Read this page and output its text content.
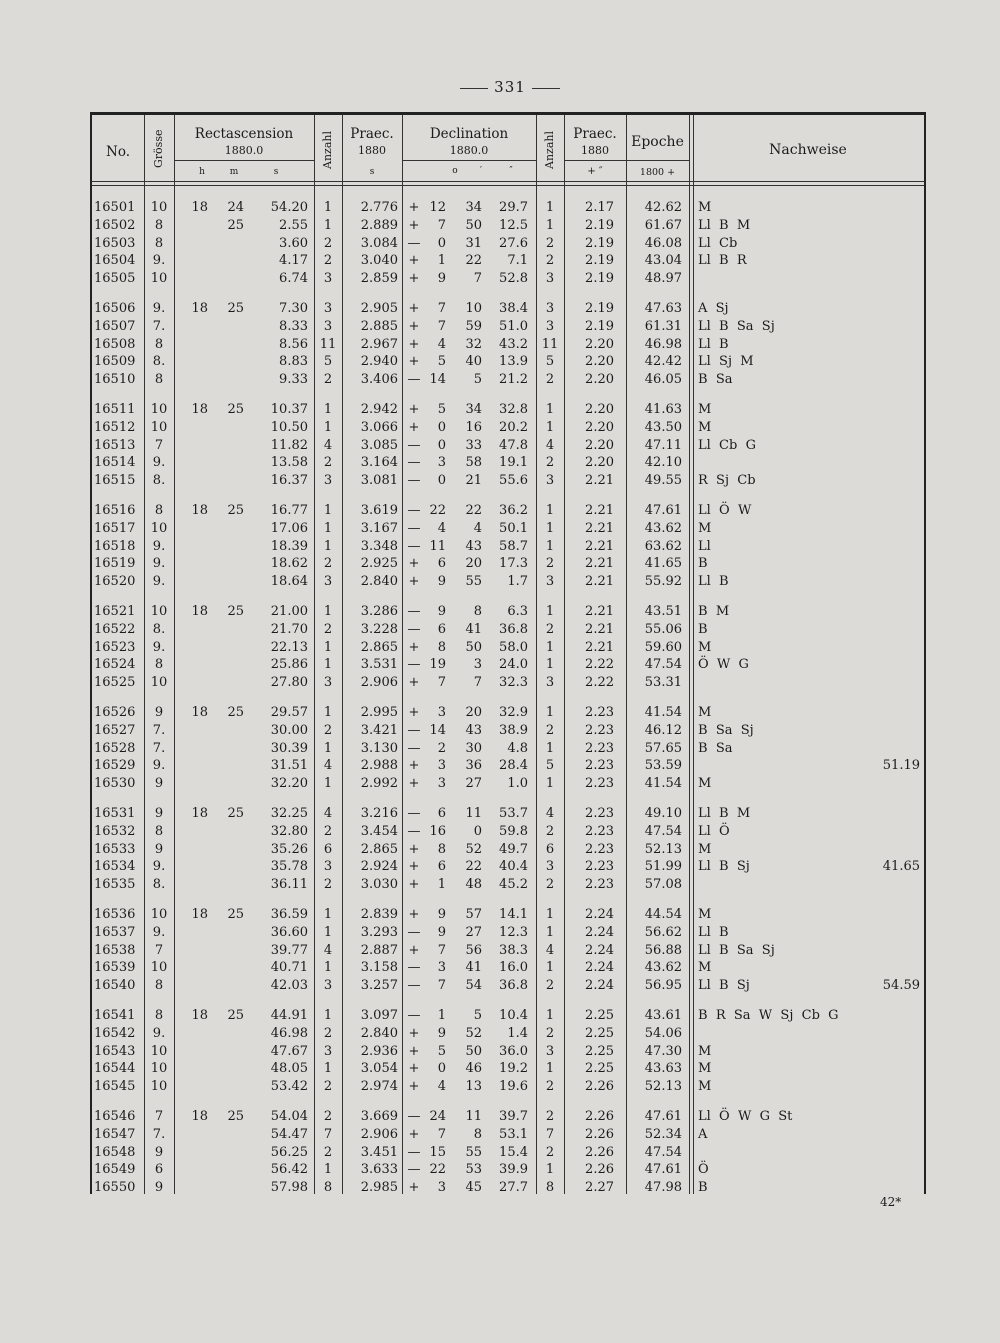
331
No.	Grösse	Rectascension
1880.0
h	m	s
Anzahl	Praec.
1880
s
Declination
1880.0
o	′	″
Anzahl	Praec.
1880
+ ″
Epoche
1800 +
Nachweise
16501	10	18	24	54.20	1	2.776 + 12	34	29.7	1	2.17	42.62 M
16502	8	25	2.55	1	2.889 +	7	50	12.5	1	2.19	61.67 Ll  B  M
16503	8	3.60	2	3.084 —	0	31	27.6	2	2.19	46.08 Ll  Cb
16504	9.	4.17	2	3.040 +	1	22	7.1	2	2.19	43.04 Ll  B  R
16505	10	6.74	3	2.859 +	9	7	52.8	3	2.19	48.97
16506	9.	18	25	7.30	3	2.905 +	7	10	38.4	3	2.19	47.63 A  Sj
16507	7.	8.33	3	2.885 +	7	59	51.0	3	2.19	61.31 Ll  B  Sa  Sj
16508	8	8.56 11	2.967 +	4	32	43.2	11	2.20	46.98 Ll  B
16509	8.	8.83	5	2.940 +	5	40	13.9	5	2.20	42.42 Ll  Sj  M
16510	8	9.33	2	3.406 — 14	5	21.2	2	2.20	46.05 B  Sa
16511	10	18	25	10.37	1	2.942 +	5	34	32.8	1	2.20	41.63 M
16512	10	10.50	1	3.066 +	0	16	20.2	1	2.20	43.50 M
16513	7	11.82	4	3.085 —	0	33	47.8	4	2.20	47.11 Ll  Cb  G
16514	9.	13.58	2	3.164 —	3	58	19.1	2	2.20	42.10
16515	8.	16.37	3	3.081 —	0	21	55.6	3	2.21	49.55 R  Sj  Cb
16516	8	18	25	16.77	1	3.619 — 22	22	36.2	1	2.21	47.61 Ll  Ö  W
16517	10	17.06	1	3.167 —	4	4	50.1	1	2.21	43.62 M
16518	9.	18.39	1	3.348 — 11	43	58.7	1	2.21	63.62 Ll
16519	9.	18.62	2	2.925 +	6	20	17.3	2	2.21	41.65 B
16520	9.	18.64	3	2.840 +	9	55	1.7	3	2.21	55.92 Ll  B
16521	10	18	25	21.00	1	3.286 —	9	8	6.3	1	2.21	43.51 B  M
16522	8.	21.70	2	3.228 —	6	41	36.8	2	2.21	55.06 B
16523	9.	22.13	1	2.865 +	8	50	58.0	1	2.21	59.60 M
16524	8	25.86	1	3.531 — 19	3	24.0	1	2.22	47.54 Ö  W  G
16525	10	27.80	3	2.906 +	7	7	32.3	3	2.22	53.31
16526	9	18	25	29.57	1	2.995 +	3	20	32.9	1	2.23	41.54 M
16527	7.	30.00	2	3.421 — 14	43	38.9	2	2.23	46.12 B  Sa  Sj
16528	7.	30.39	1	3.130 —	2	30	4.8	1	2.23	57.65 B  Sa
16529	9.	31.51	4	2.988 +	3	36	28.4	5	2.23	53.59	51.19
16530	9	32.20	1	2.992 +	3	27	1.0	1	2.23	41.54 M
16531	9	18	25	32.25	4	3.216 —	6	11	53.7	4	2.23	49.10 Ll  B  M
16532	8	32.80	2	3.454 — 16	0	59.8	2	2.23	47.54 Ll  Ö
16533	9	35.26	6	2.865 +	8	52	49.7	6	2.23	52.13 M
16534	9.	35.78	3	2.924 +	6	22	40.4	3	2.23	51.99 Ll  B  Sj	41.65
16535	8.	36.11	2	3.030 +	1	48	45.2	2	2.23	57.08
16536	10	18	25	36.59	1	2.839 +	9	57	14.1	1	2.24	44.54 M
16537	9.	36.60	1	3.293 —	9	27	12.3	1	2.24	56.62 Ll  B
16538	7	39.77	4	2.887 +	7	56	38.3	4	2.24	56.88 Ll  B  Sa  Sj
16539	10	40.71	1	3.158 —	3	41	16.0	1	2.24	43.62 M
16540	8	42.03	3	3.257 —	7	54	36.8	2	2.24	56.95 Ll  B  Sj	54.59
16541	8	18	25	44.91	1	3.097 —	1	5	10.4	1	2.25	43.61 B  R  Sa  W  Sj  Cb  G
16542	9.	46.98	2	2.840 +	9	52	1.4	2	2.25	54.06
16543	10	47.67	3	2.936 +	5	50	36.0	3	2.25	47.30 M
16544	10	48.05	1	3.054 +	0	46	19.2	1	2.25	43.63 M
16545	10	53.42	2	2.974 +	4	13	19.6	2	2.26	52.13 M
16546	7	18	25	54.04	2	3.669 — 24	11	39.7	2	2.26	47.61 Ll  Ö  W  G  St
16547	7.	54.47	7	2.906 +	7	8	53.1	7	2.26	52.34 A
16548	9	56.25	2	3.451 — 15	55	15.4	2	2.26	47.54
16549	6	56.42	1	3.633 — 22	53	39.9	1	2.26	47.61 Ö
16550	9	57.98	8	2.985 +	3	45	27.7	8	2.27	47.98 B
42*
